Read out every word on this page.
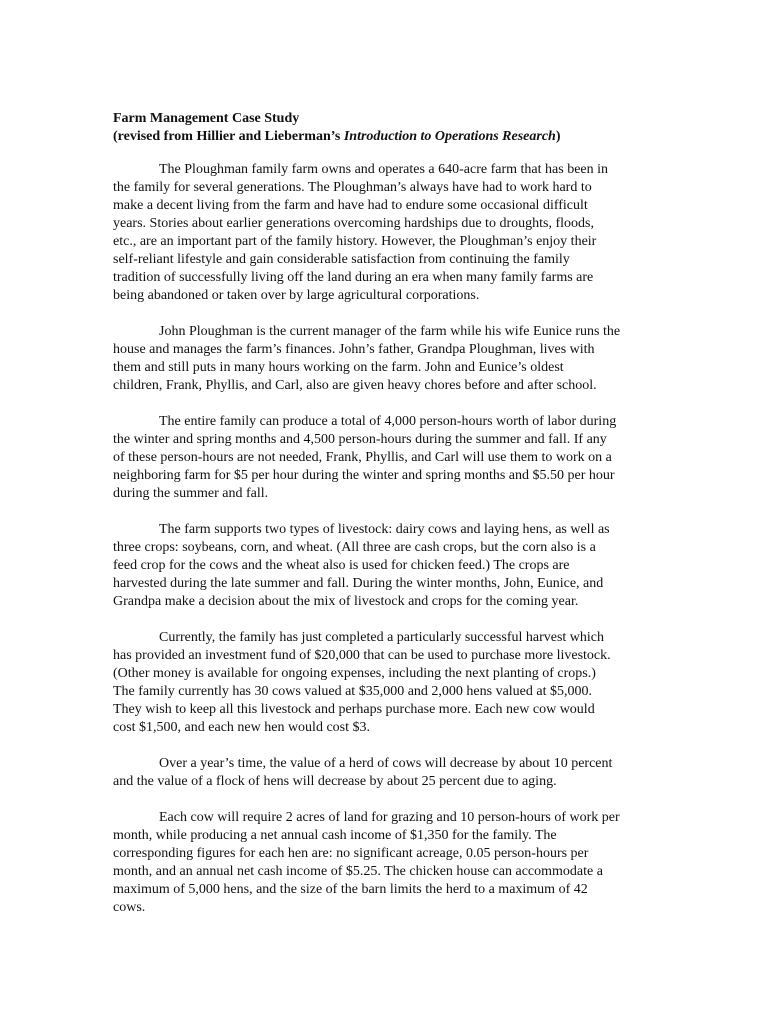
Farm Management Case Study
(revised from Hillier and Lieberman’s Introduction to Operations Research)
The Ploughman family farm owns and operates a 640-acre farm that has been in
the family for several generations. The Ploughman’s always have had to work hard to
make a decent living from the farm and have had to endure some occasional difficult
years. Stories about earlier generations overcoming hardships due to droughts, floods,
etc., are an important part of the family history. However, the Ploughman’s enjoy their
self-reliant lifestyle and gain considerable satisfaction from continuing the family
tradition of successfully living off the land during an era when many family farms are
being abandoned or taken over by large agricultural corporations.
John Ploughman is the current manager of the farm while his wife Eunice runs the
house and manages the farm’s finances. John’s father, Grandpa Ploughman, lives with
them and still puts in many hours working on the farm. John and Eunice’s oldest
children, Frank, Phyllis, and Carl, also are given heavy chores before and after school.
The entire family can produce a total of 4,000 person-hours worth of labor during
the winter and spring months and 4,500 person-hours during the summer and fall. If any
of these person-hours are not needed, Frank, Phyllis, and Carl will use them to work on a
neighboring farm for $5 per hour during the winter and spring months and $5.50 per hour
during the summer and fall.
The farm supports two types of livestock: dairy cows and laying hens, as well as
three crops: soybeans, corn, and wheat. (All three are cash crops, but the corn also is a
feed crop for the cows and the wheat also is used for chicken feed.) The crops are
harvested during the late summer and fall. During the winter months, John, Eunice, and
Grandpa make a decision about the mix of livestock and crops for the coming year.
Currently, the family has just completed a particularly successful harvest which
has provided an investment fund of $20,000 that can be used to purchase more livestock.
(Other money is available for ongoing expenses, including the next planting of crops.)
The family currently has 30 cows valued at $35,000 and 2,000 hens valued at $5,000.
They wish to keep all this livestock and perhaps purchase more. Each new cow would
cost $1,500, and each new hen would cost $3.
Over a year’s time, the value of a herd of cows will decrease by about 10 percent
and the value of a flock of hens will decrease by about 25 percent due to aging.
Each cow will require 2 acres of land for grazing and 10 person-hours of work per
month, while producing a net annual cash income of $1,350 for the family. The
corresponding figures for each hen are: no significant acreage, 0.05 person-hours per
month, and an annual net cash income of $5.25. The chicken house can accommodate a
maximum of 5,000 hens, and the size of the barn limits the herd to a maximum of 42
cows.
